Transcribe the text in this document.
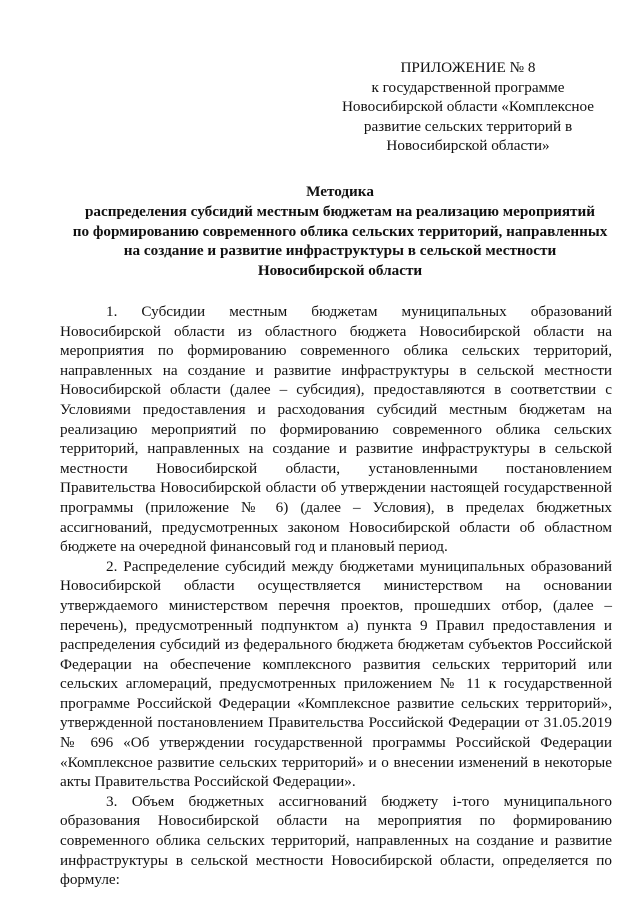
ПРИЛОЖЕНИЕ № 8
к государственной программе
Новосибирской области «Комплексное
развитие сельских территорий в
Новосибирской области»
Методика
распределения субсидий местным бюджетам на реализацию мероприятий
по формированию современного облика сельских территорий, направленных
на создание и развитие инфраструктуры в сельской местности
Новосибирской области

1. Субсидии местным бюджетам муниципальных образований Новосибирской области из областного бюджета Новосибирской области на мероприятия по формированию современного облика сельских территорий, направленных на создание и развитие инфраструктуры в сельской местности Новосибирской области (далее – субсидия), предоставляются в соответствии с Условиями предоставления и расходования субсидий местным бюджетам на реализацию мероприятий по формированию современного облика сельских территорий, направленных на создание и развитие инфраструктуры в сельской местности Новосибирской области, установленными постановлением Правительства Новосибирской области об утверждении настоящей государственной программы (приложение № 6) (далее – Условия), в пределах бюджетных ассигнований, предусмотренных законом Новосибирской области об областном бюджете на очередной финансовый год и плановый период.

2. Распределение субсидий между бюджетами муниципальных образований Новосибирской области осуществляется министерством на основании утверждаемого министерством перечня проектов, прошедших отбор, (далее – перечень), предусмотренный подпунктом а) пункта 9 Правил предоставления и распределения субсидий из федерального бюджета бюджетам субъектов Российской Федерации на обеспечение комплексного развития сельских территорий или сельских агломераций, предусмотренных приложением № 11 к государственной программе Российской Федерации «Комплексное развитие сельских территорий», утвержденной постановлением Правительства Российской Федерации от 31.05.2019 № 696 «Об утверждении государственной программы Российской Федерации «Комплексное развитие сельских территорий» и о внесении изменений в некоторые акты Правительства Российской Федерации».

3. Объем бюджетных ассигнований бюджету i-того муниципального образования Новосибирской области на мероприятия по формированию современного облика сельских территорий, направленных на создание и развитие инфраструктуры в сельской местности Новосибирской области, определяется по формуле:
